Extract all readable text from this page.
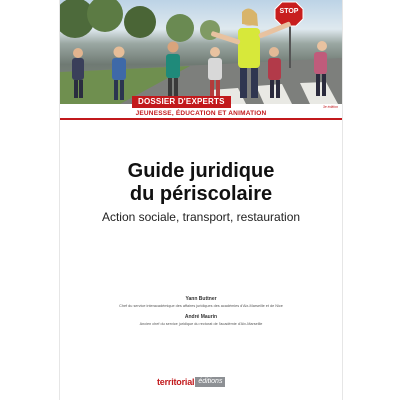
STOP
DOSSIER D'EXPERTS
3e édition
JEUNESSE, ÉDUCATION ET ANIMATION
Guide juridique
du périscolaire
Action sociale, transport, restauration
Yann Buttner
Chef du service interacadémique des affaires juridiques des académies d'Aix-Marseille et de Nice
André Maurin
Ancien chef du service juridique du rectorat de l'académie d'Aix-Marseille
territorial éditions
